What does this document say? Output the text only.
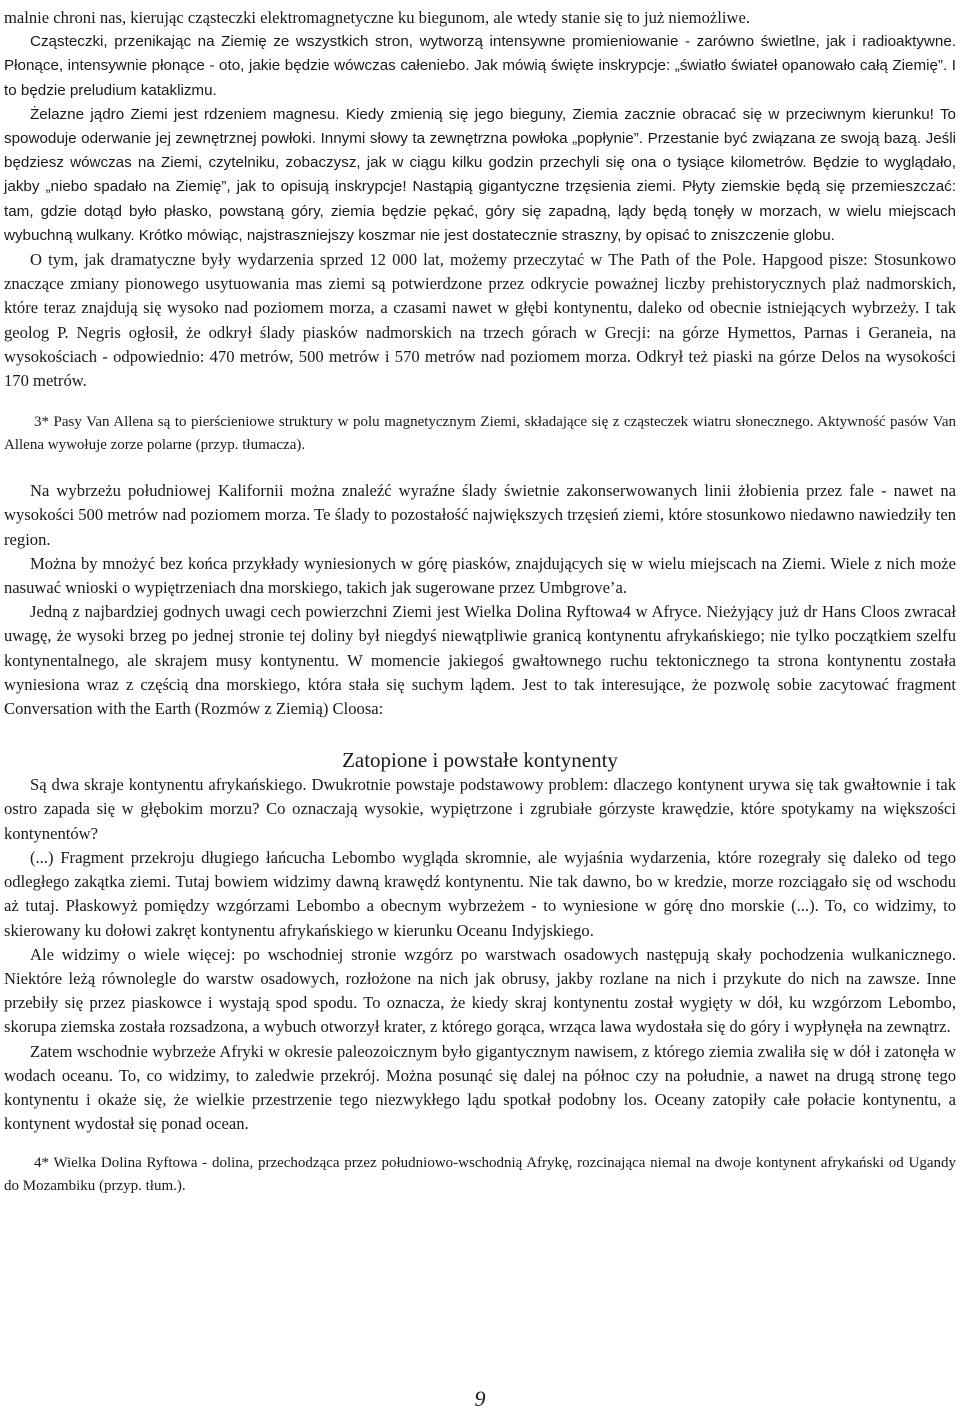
malnie chroni nas, kierując cząsteczki elektromagnetyczne ku biegunom, ale wtedy stanie się to już niemożliwe.

Cząsteczki, przenikając na Ziemię ze wszystkich stron, wytworzą intensywne promieniowanie - zarówno świetlne, jak i radioaktywne. Płonące, intensywnie płonące - oto, jakie będzie wówczas całeniebo. Jak mówią święte inskrypcje: „światło świateł opanowało całą Ziemię”. I to będzie preludium kataklizmu.

Żelazne jądro Ziemi jest rdzeniem magnesu. Kiedy zmienią się jego bieguny, Ziemia zacznie obracać się w przeciwnym kierunku! To spowoduje oderwanie jej zewnętrznej powłoki. Innymi słowy ta zewnętrzna powłoka „popłynie”. Przestanie być związana ze swoją bazą. Jeśli będziesz wówczas na Ziemi, czytelniku, zobaczysz, jak w ciągu kilku godzin przechyli się ona o tysiące kilometrów. Będzie to wyglądało, jakby „niebo spadało na Ziemię”, jak to opisują inskrypcje! Nastąpią gigantyczne trzęsienia ziemi. Płyty ziemskie będą się przemieszczać: tam, gdzie dotąd było płasko, powstaną góry, ziemia będzie pękać, góry się zapadną, lądy będą tonęły w morzach, w wielu miejscach wybuchną wulkany. Krótko mówiąc, najstraszniejszy koszmar nie jest dostatecznie straszny, by opisać to zniszczenie globu.

O tym, jak dramatyczne były wydarzenia sprzed 12 000 lat, możemy przeczytać w The Path of the Pole. Hapgood pisze: Stosunkowo znaczące zmiany pionowego usytuowania mas ziemi są potwierdzone przez odkrycie poważnej liczby prehistorycznych plaż nadmorskich, które teraz znajdują się wysoko nad poziomem morza, a czasami nawet w głębi kontynentu, daleko od obecnie istniejących wybrzeży. I tak geolog P. Negris ogłosił, że odkrył ślady piasków nadmorskich na trzech górach w Grecji: na górze Hymettos, Parnas i Geraneia, na wysokościach - odpowiednio: 470 metrów, 500 metrów i 570 metrów nad poziomem morza. Odkrył też piaski na górze Delos na wysokości 170 metrów.

3* Pasy Van Allena są to pierścieniowe struktury w polu magnetycznym Ziemi, składające się z cząsteczek wiatru słonecznego. Aktywność pasów Van Allena wywołuje zorze polarne (przyp. tłumacza).

Na wybrzeżu południowej Kalifornii można znaleźć wyraźne ślady świetnie zakonserwowanych linii żłobienia przez fale - nawet na wysokości 500 metrów nad poziomem morza. Te ślady to pozostałość największych trzęsień ziemi, które stosunkowo niedawno nawiedziły ten region.

Można by mnożyć bez końca przykłady wyniesionych w górę piasków, znajdujących się w wielu miejscach na Ziemi. Wiele z nich może nasuwać wnioski o wypiętrzeniach dna morskiego, takich jak sugerowane przez Umbgrove’a.

Jedną z najbardziej godnych uwagi cech powierzchni Ziemi jest Wielka Dolina Ryftowa4 w Afryce. Nieżyjący już dr Hans Cloos zwracał uwagę, że wysoki brzeg po jednej stronie tej doliny był niegdyś niewątpliwie granicą kontynentu afrykańskiego; nie tylko początkiem szelfu kontynentalnego, ale skrajem musy kontynentu. W momencie jakiegoś gwałtownego ruchu tektonicznego ta strona kontynentu została wyniesiona wraz z częścią dna morskiego, która stała się suchym lądem. Jest to tak interesujące, że pozwolę sobie zacytować fragment Conversation with the Earth (Rozmów z Ziemią) Cloosa:

Zatopione i powstałe kontynenty

Są dwa skraje kontynentu afrykańskiego. Dwukrotnie powstaje podstawowy problem: dlaczego kontynent urywa się tak gwałtownie i tak ostro zapada się w głębokim morzu? Co oznaczają wysokie, wypiętrzone i zgrubiałe górzyste krawędzie, które spotykamy na większości kontynentów?

(...) Fragment przekroju długiego łańcucha Lebombo wygląda skromnie, ale wyjaśnia wydarzenia, które rozegrały się daleko od tego odległego zakątka ziemi. Tutaj bowiem widzimy dawną krawędź kontynentu. Nie tak dawno, bo w kredzie, morze rozciągało się od wschodu aż tutaj. Płaskowyż pomiędzy wzgórzami Lebombo a obecnym wybrzeżem - to wyniesione w górę dno morskie (...). To, co widzimy, to skierowany ku dołowi zakręt kontynentu afrykańskiego w kierunku Oceanu Indyjskiego.

Ale widzimy o wiele więcej: po wschodniej stronie wzgórz po warstwach osadowych następują skały pochodzenia wulkanicznego. Niektóre leżą równolegle do warstw osadowych, rozłożone na nich jak obrusy, jakby rozlane na nich i przykute do nich na zawsze. Inne przebiły się przez piaskowce i wystają spod spodu. To oznacza, że kiedy skraj kontynentu został wygięty w dół, ku wzgórzom Lebombo, skorupa ziemska została rozsadzona, a wybuch otworzył krater, z którego gorąca, wrząca lawa wydostała się do góry i wypłynęła na zewnątrz.

Zatem wschodnie wybrzeże Afryki w okresie paleozoicznym było gigantycznym nawisem, z którego ziemia zwaliła się w dół i zatonęła w wodach oceanu. To, co widzimy, to zaledwie przekrój. Można posunąć się dalej na północ czy na południe, a nawet na drugą stronę tego kontynentu i okaże się, że wielkie przestrzenie tego niezwykłego lądu spotkał podobny los. Oceany zatopiły całe połacie kontynentu, a kontynent wydostał się ponad ocean.

4* Wielka Dolina Ryftowa - dolina, przechodząca przez południowo-wschodnią Afrykę, rozcinająca niemal na dwoje kontynent afrykański od Ugandy do Mozambiku (przyp. tłum.).

9
